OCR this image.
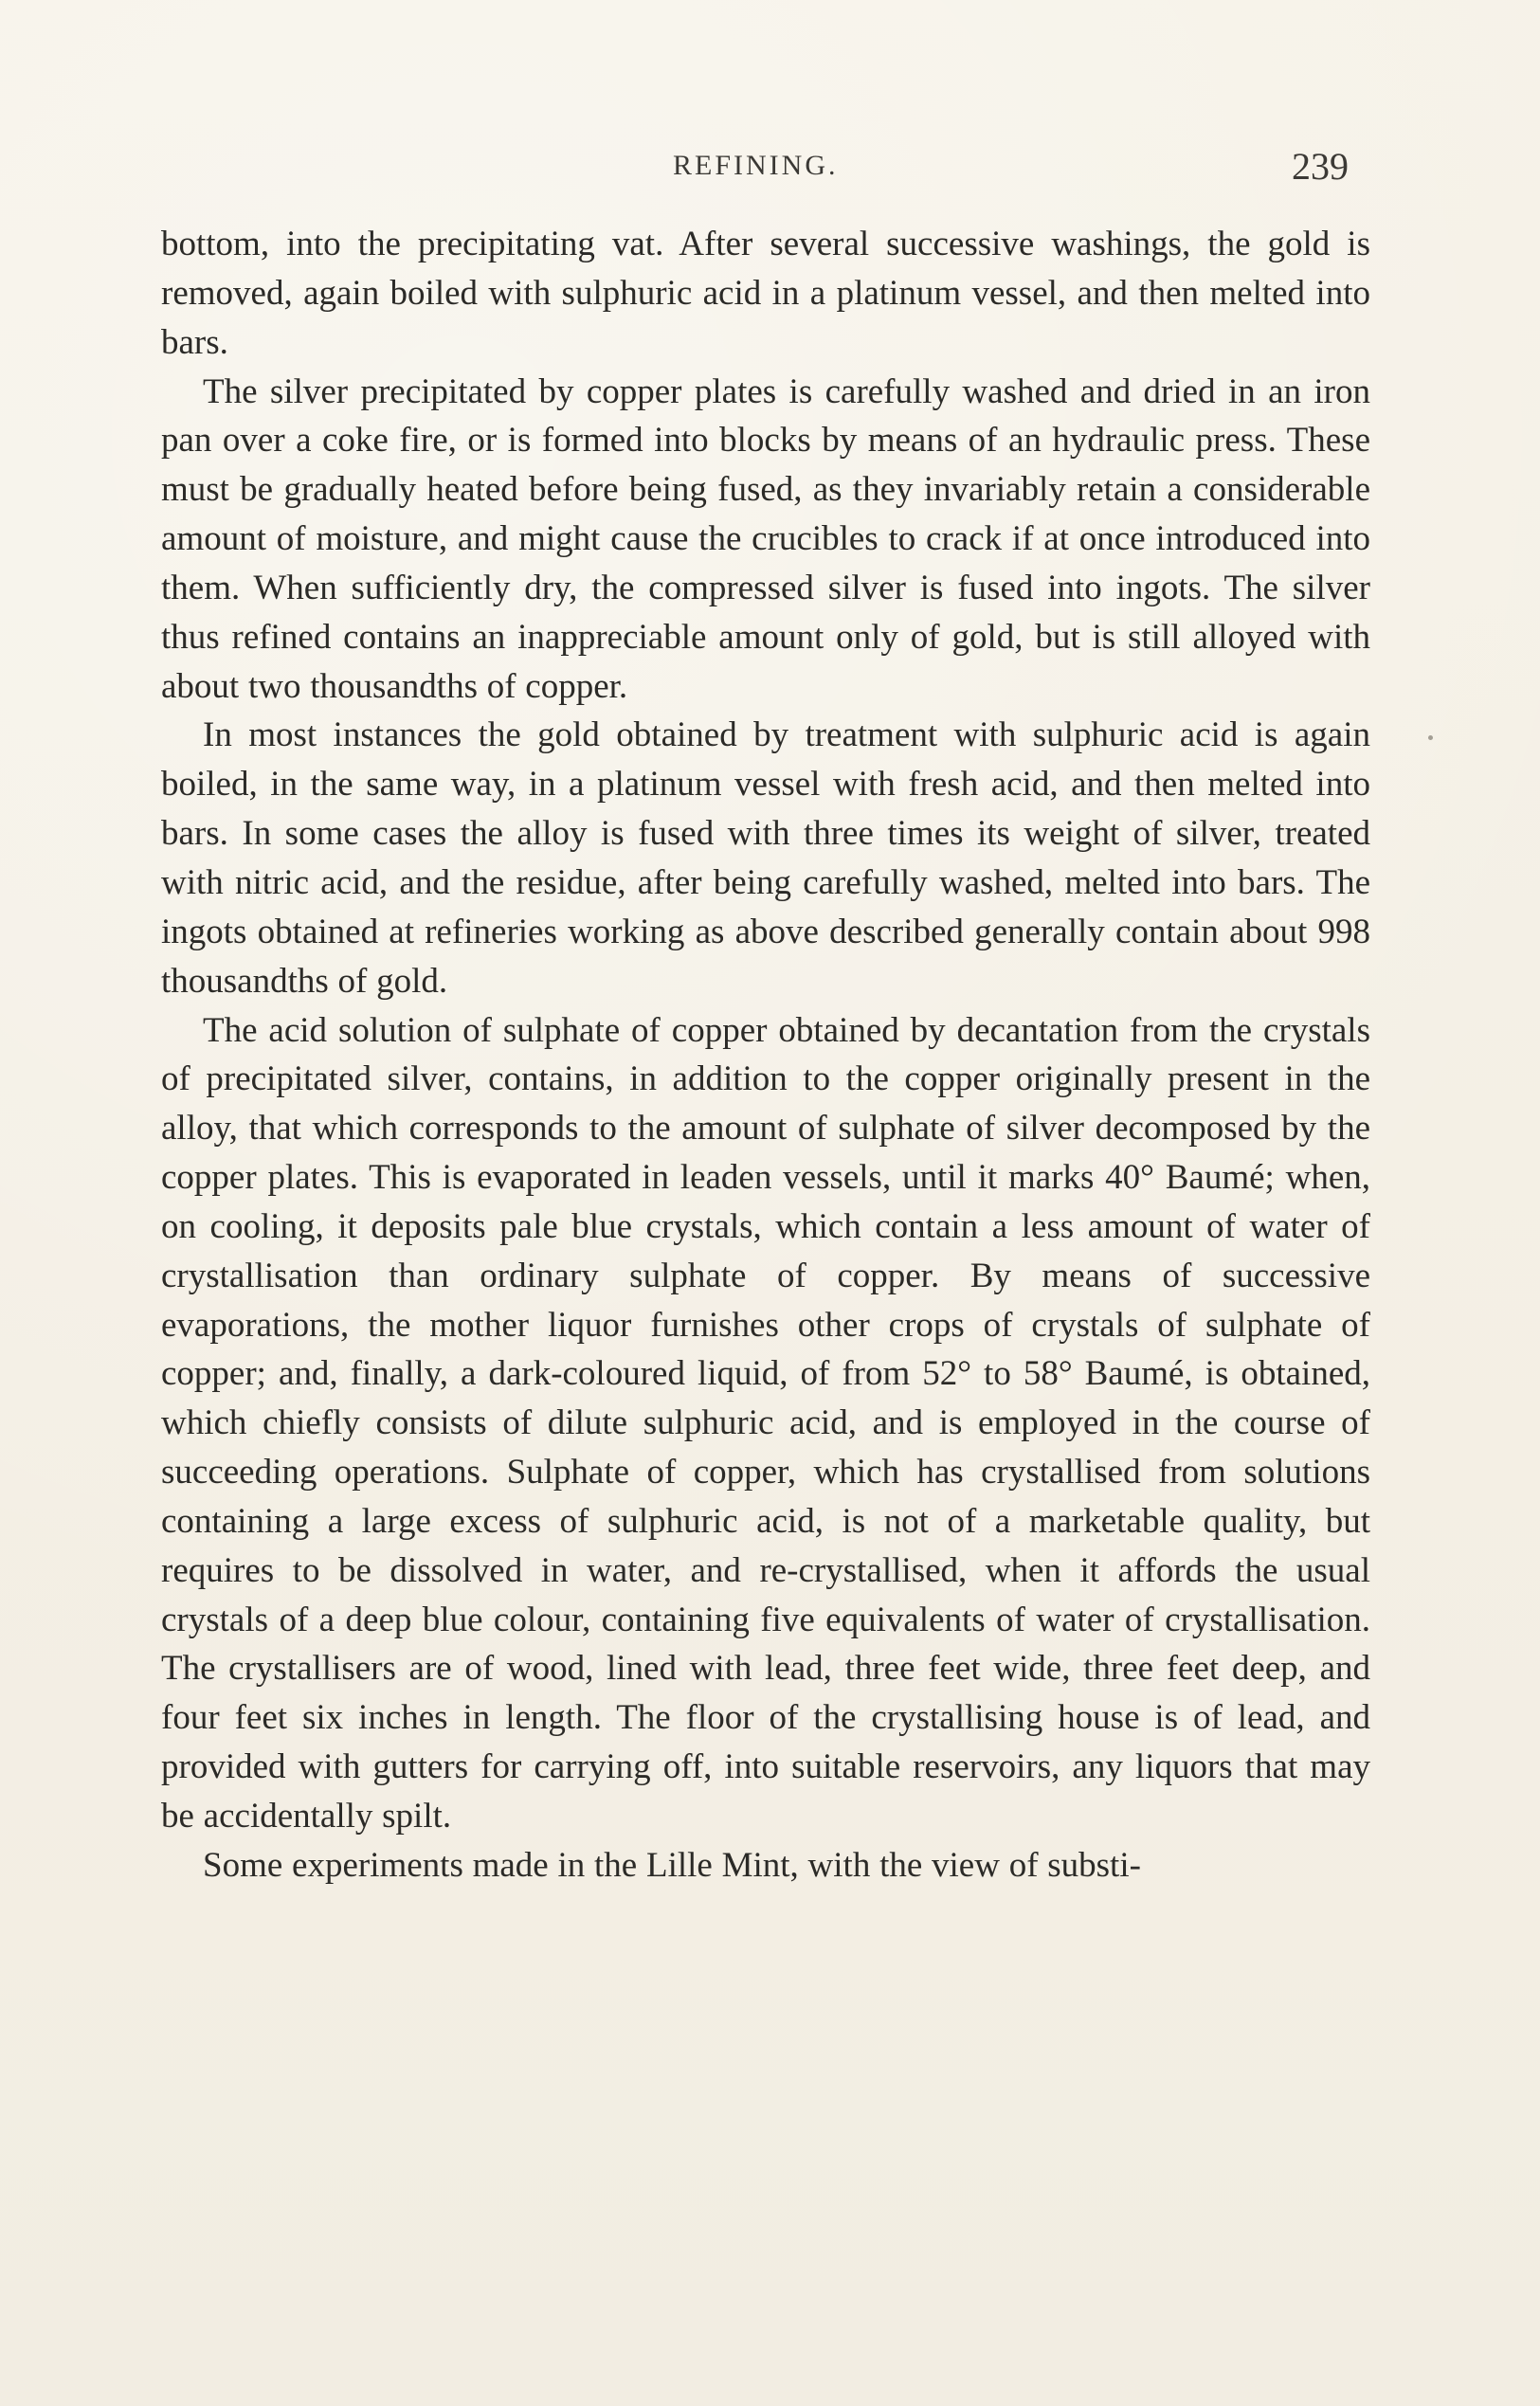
REFINING.	239

bottom, into the precipitating vat. After several successive washings, the gold is removed, again boiled with sulphuric acid in a platinum vessel, and then melted into bars.

The silver precipitated by copper plates is carefully washed and dried in an iron pan over a coke fire, or is formed into blocks by means of an hydraulic press. These must be gradually heated before being fused, as they invariably retain a considerable amount of moisture, and might cause the crucibles to crack if at once introduced into them. When sufficiently dry, the compressed silver is fused into ingots. The silver thus refined contains an inappreciable amount only of gold, but is still alloyed with about two thousandths of copper.

In most instances the gold obtained by treatment with sulphuric acid is again boiled, in the same way, in a platinum vessel with fresh acid, and then melted into bars. In some cases the alloy is fused with three times its weight of silver, treated with nitric acid, and the residue, after being carefully washed, melted into bars. The ingots obtained at refineries working as above described generally contain about 998 thousandths of gold.

The acid solution of sulphate of copper obtained by decantation from the crystals of precipitated silver, contains, in addition to the copper originally present in the alloy, that which corresponds to the amount of sulphate of silver decomposed by the copper plates. This is evaporated in leaden vessels, until it marks 40° Baumé; when, on cooling, it deposits pale blue crystals, which contain a less amount of water of crystallisation than ordinary sulphate of copper. By means of successive evaporations, the mother liquor furnishes other crops of crystals of sulphate of copper; and, finally, a dark-coloured liquid, of from 52° to 58° Baumé, is obtained, which chiefly consists of dilute sulphuric acid, and is employed in the course of succeeding operations. Sulphate of copper, which has crystallised from solutions containing a large excess of sulphuric acid, is not of a marketable quality, but requires to be dissolved in water, and re-crystallised, when it affords the usual crystals of a deep blue colour, containing five equivalents of water of crystallisation. The crystallisers are of wood, lined with lead, three feet wide, three feet deep, and four feet six inches in length. The floor of the crystallising house is of lead, and provided with gutters for carrying off, into suitable reservoirs, any liquors that may be accidentally spilt.

Some experiments made in the Lille Mint, with the view of substi-
